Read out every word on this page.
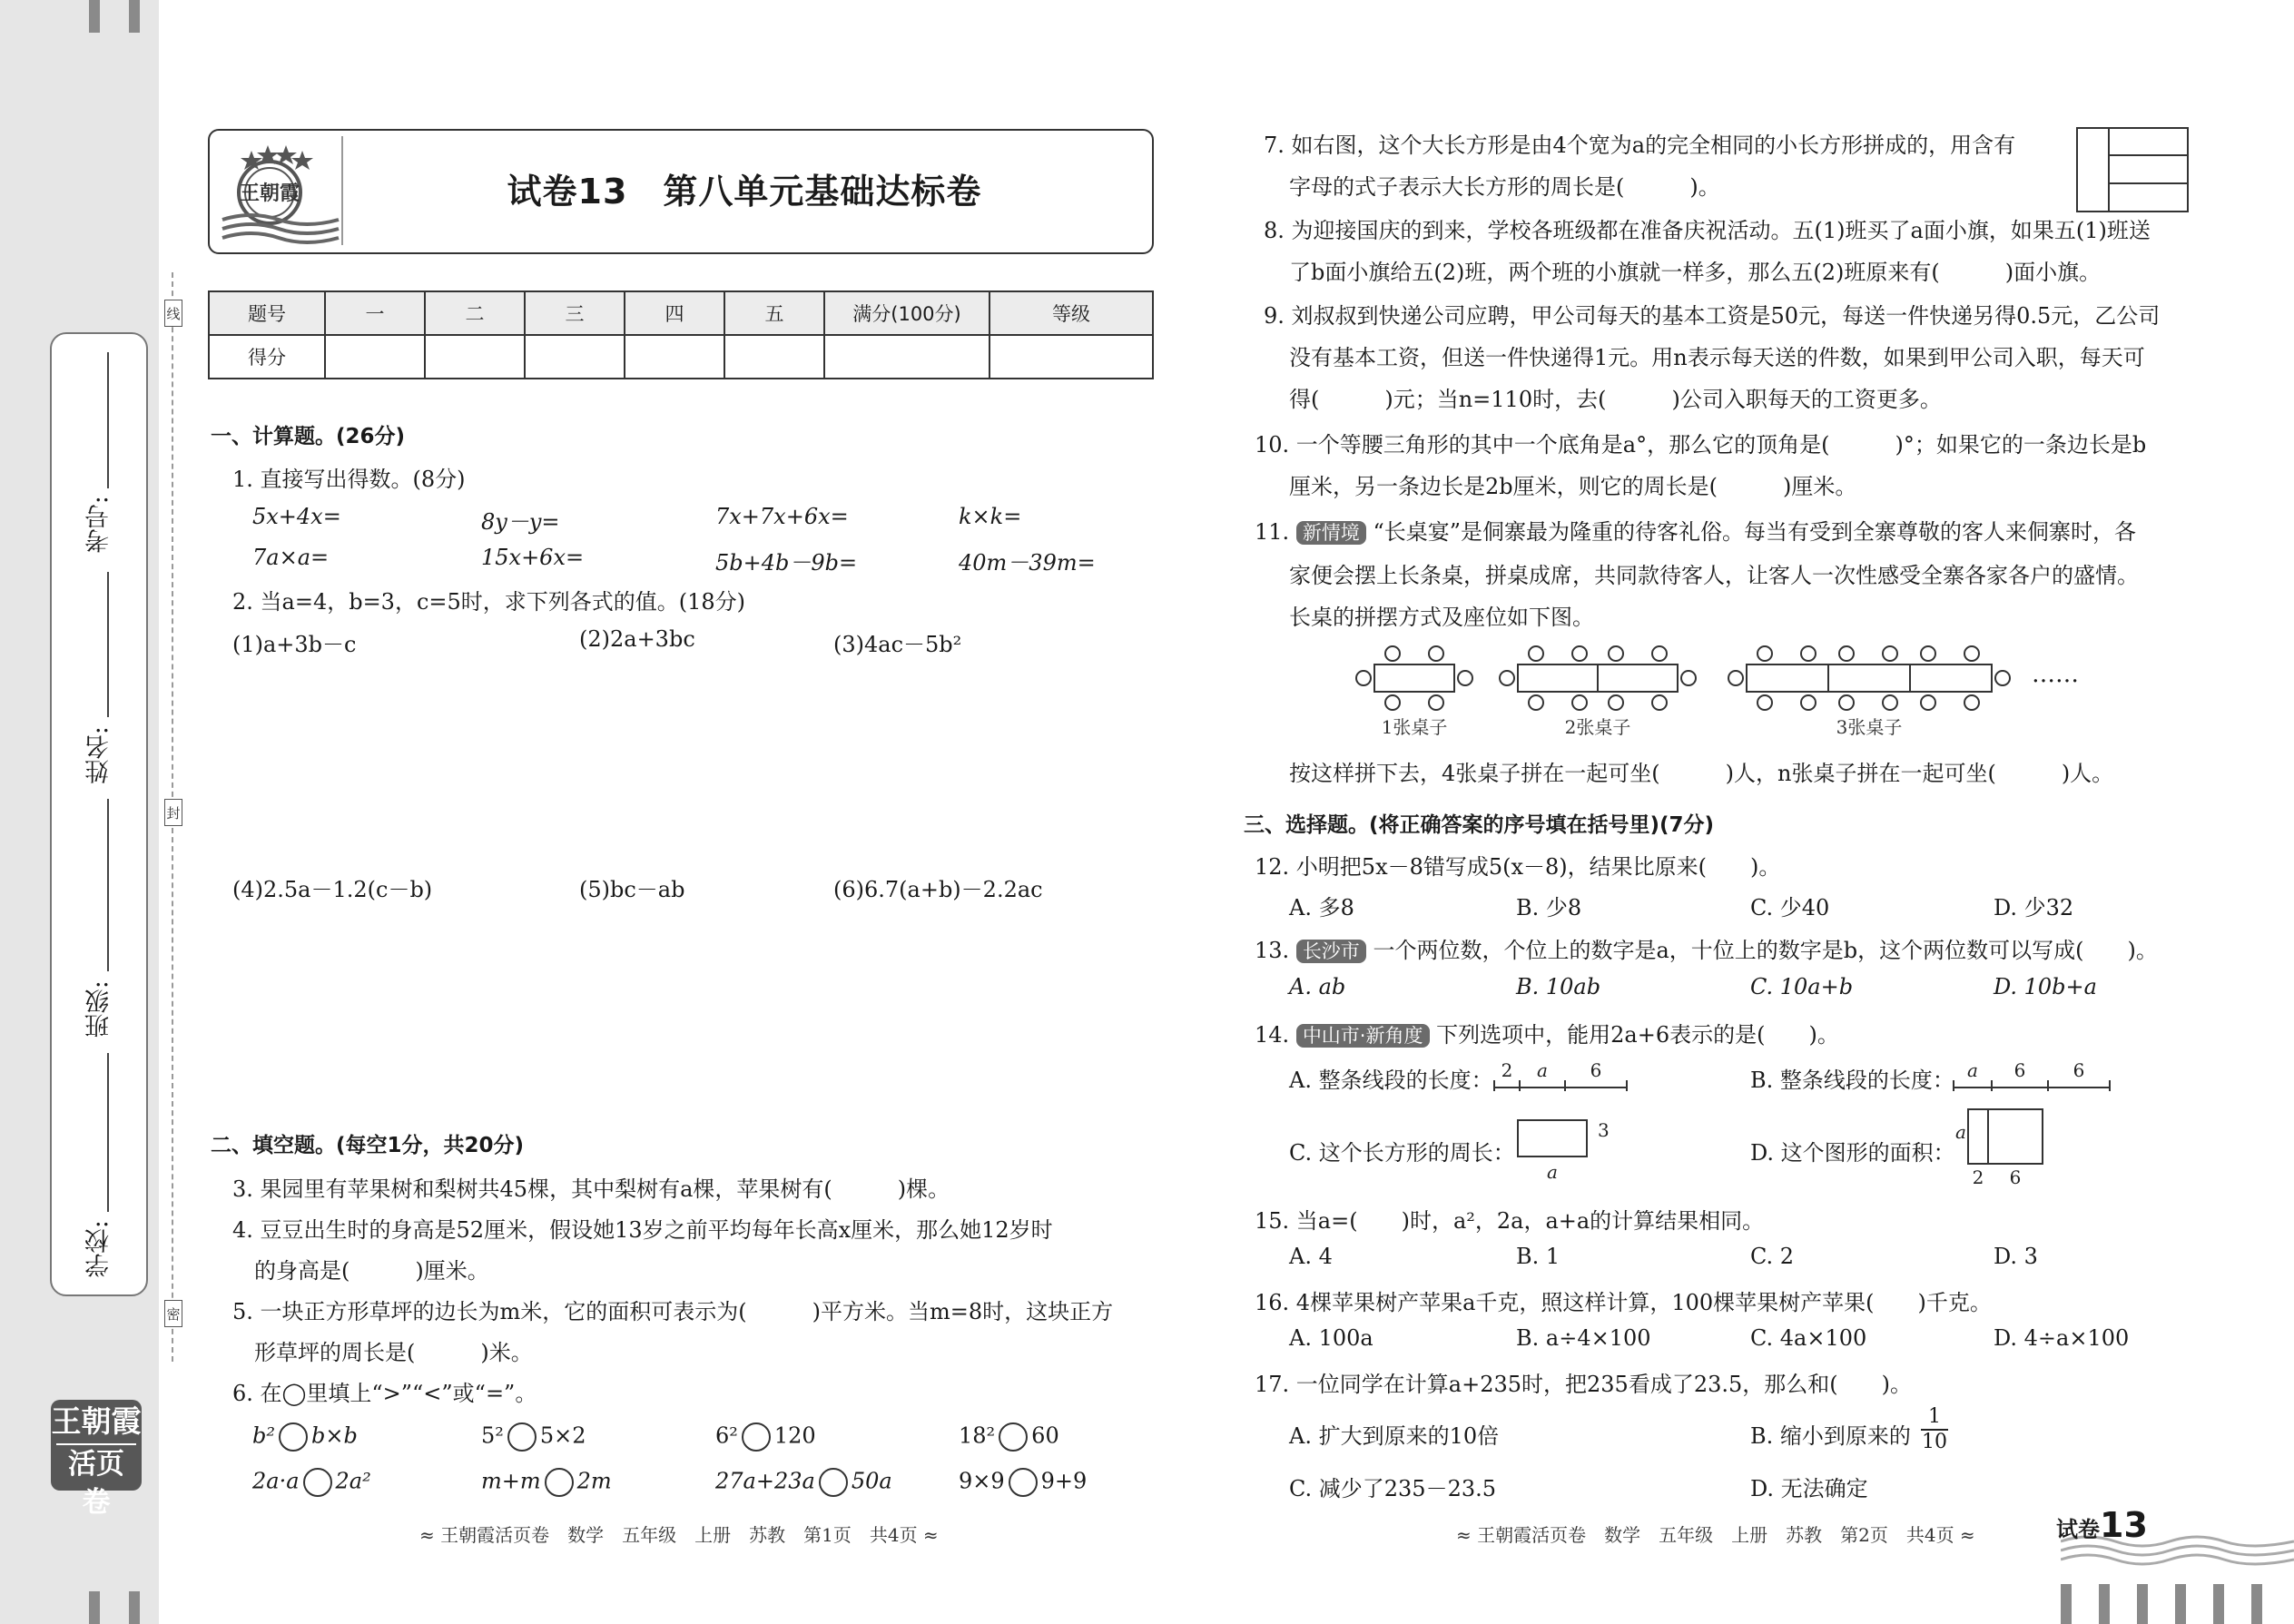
考号:
姓名:
班级:
学校:
线
封
密
王朝霞
活页卷
王朝霞	试卷13　第八单元基础达标卷
题号	一	二	三	四	五	满分(100分)	等级
得分							
一、计算题。(26分)
1. 直接写出得数。(8分)
5x+4x=	8y－y=	7x+7x+6x=	k×k=
7a×a=	15x+6x=	5b+4b－9b=	40m－39m=
2. 当a=4，b=3，c=5时，求下列各式的值。(18分)
(1)a+3b－c	(2)2a+3bc	(3)4ac－5b²
(4)2.5a－1.2(c－b)	(5)bc－ab	(6)6.7(a+b)－2.2ac
二、填空题。(每空1分，共20分)
3. 果园里有苹果树和梨树共45棵，其中梨树有a棵，苹果树有(　　　)棵。
4. 豆豆出生时的身高是52厘米，假设她13岁之前平均每年长高x厘米，那么她12岁时
的身高是(　　　)厘米。
5. 一块正方形草坪的边长为m米，它的面积可表示为(　　　)平方米。当m=8时，这块正方
形草坪的周长是(　　　)米。
6. 在◯里填上“>”“<”或“=”。
b² b×b	5² 5×2	6² 120	18² 60
2a·a 2a²	m+m 2m	27a+23a 50a	9×9 9+9
≈ 王朝霞活页卷　数学　五年级　上册　苏教　第1页　共4页 ≈
7. 如右图，这个大长方形是由4个宽为a的完全相同的小长方形拼成的，用含有
字母的式子表示大长方形的周长是(　　　)。
8. 为迎接国庆的到来，学校各班级都在准备庆祝活动。五(1)班买了a面小旗，如果五(1)班送
了b面小旗给五(2)班，两个班的小旗就一样多，那么五(2)班原来有(　　　)面小旗。
9. 刘叔叔到快递公司应聘，甲公司每天的基本工资是50元，每送一件快递另得0.5元，乙公司
没有基本工资，但送一件快递得1元。用n表示每天送的件数，如果到甲公司入职，每天可
得(　　　)元；当n=110时，去(　　　)公司入职每天的工资更多。
10. 一个等腰三角形的其中一个底角是a°，那么它的顶角是(　　　)°；如果它的一条边长是b
厘米，另一条边长是2b厘米，则它的周长是(　　　)厘米。
11. 新情境 “长桌宴”是侗寨最为隆重的待客礼俗。每当有受到全寨尊敬的客人来侗寨时，各
家便会摆上长条桌，拼桌成席，共同款待客人，让客人一次性感受全寨各家各户的盛情。
长桌的拼摆方式及座位如下图。
1张桌子	2张桌子	3张桌子
……
按这样拼下去，4张桌子拼在一起可坐(　　　)人，n张桌子拼在一起可坐(　　　)人。
三、选择题。(将正确答案的序号填在括号里)(7分)
12. 小明把5x－8错写成5(x－8)，结果比原来(　　)。
A. 多8	B. 少8	C. 少40	D. 少32
13. 长沙市 一个两位数，个位上的数字是a，十位上的数字是b，这个两位数可以写成(　　)。
A. ab	B. 10ab	C. 10a+b	D. 10b+a
14. 中山市·新角度 下列选项中，能用2a+6表示的是(　　)。
A. 整条线段的长度： 2 a 6	B. 整条线段的长度： a 6	6
C. 这个长方形的周长：
3
a
D. 这个图形的面积：
a
2 6
15. 当a=(　　)时，a²，2a，a+a的计算结果相同。
A. 4	B. 1	C. 2	D. 3
16. 4棵苹果树产苹果a千克，照这样计算，100棵苹果树产苹果(　　)千克。
A. 100a	B. a÷4×100	C. 4a×100	D. 4÷a×100
17. 一位同学在计算a+235时，把235看成了23.5，那么和(　　)。
A. 扩大到原来的10倍	B. 缩小到原来的 $\frac{1}{10}$
C. 减少了235－23.5	D. 无法确定
≈ 王朝霞活页卷　数学　五年级　上册　苏教　第2页　共4页 ≈	试卷13
